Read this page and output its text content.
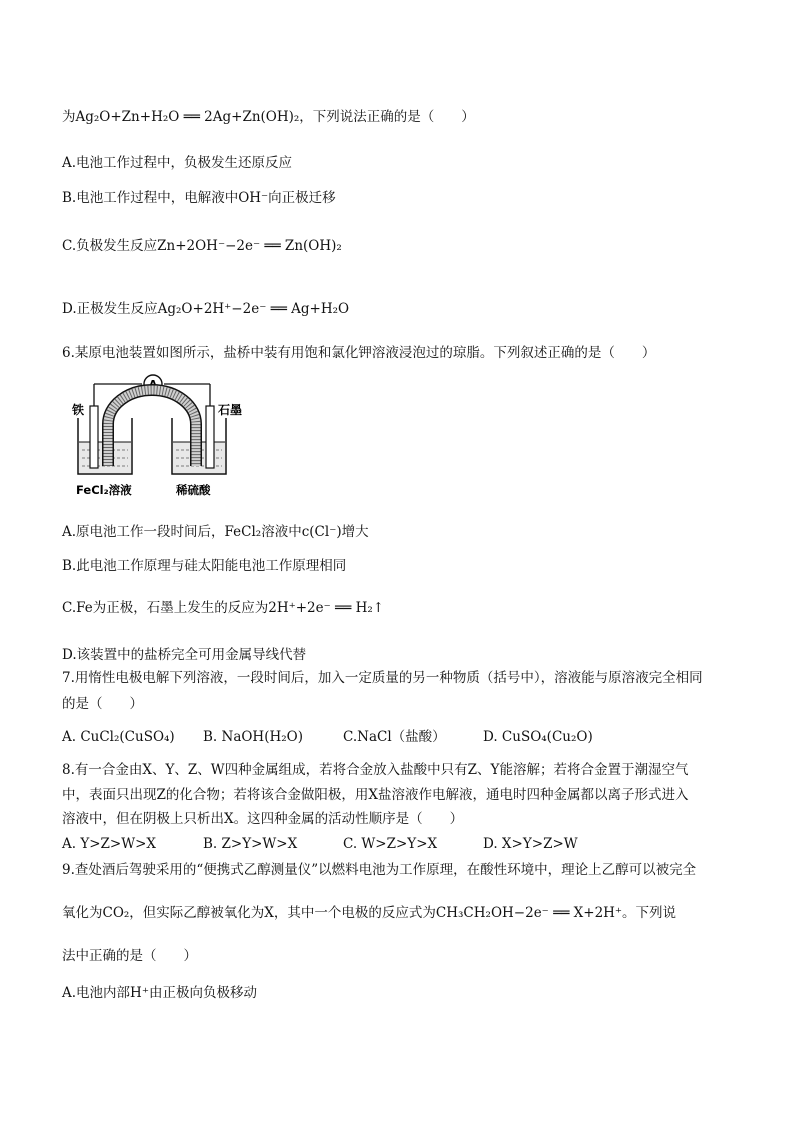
为Ag₂O+Zn+H₂O ══ 2Ag+Zn(OH)₂，下列说法正确的是（　　）
A.电池工作过程中，负极发生还原反应
B.电池工作过程中，电解液中OH⁻向正极迁移
C.负极发生反应Zn+2OH⁻−2e⁻ ══ Zn(OH)₂
D.正极发生反应Ag₂O+2H⁺−2e⁻ ══ Ag+H₂O
6.某原电池装置如图所示，盐桥中装有用饱和氯化钾溶液浸泡过的琼脂。下列叙述正确的是（　　）
A
铁	石墨
FeCl₂溶液	稀硫酸
A.原电池工作一段时间后，FeCl₂溶液中c(Cl⁻)增大
B.此电池工作原理与硅太阳能电池工作原理相同
C.Fe为正极，石墨上发生的反应为2H⁺+2e⁻ ══ H₂↑
D.该装置中的盐桥完全可用金属导线代替
7.用惰性电极电解下列溶液，一段时间后，加入一定质量的另一种物质（括号中），溶液能与原溶液完全相同
的是（　　）
A. CuCl₂(CuSO₄) B. NaOH(H₂O)	C.NaCl（盐酸）	D. CuSO₄(Cu₂O)
8.有一合金由X、Y、Z、W四种金属组成，若将合金放入盐酸中只有Z、Y能溶解；若将合金置于潮湿空气
中，表面只出现Z的化合物；若将该合金做阳极，用X盐溶液作电解液，通电时四种金属都以离子形式进入
溶液中，但在阴极上只析出X。这四种金属的活动性顺序是（　　）
A. Y>Z>W>X	B. Z>Y>W>X	C. W>Z>Y>X	D. X>Y>Z>W
9.查处酒后驾驶采用的“便携式乙醇测量仪”以燃料电池为工作原理，在酸性环境中，理论上乙醇可以被完全
氧化为CO₂，但实际乙醇被氧化为X，其中一个电极的反应式为CH₃CH₂OH−2e⁻ ══ X+2H⁺。下列说
法中正确的是（　　）
A.电池内部H⁺由正极向负极移动
